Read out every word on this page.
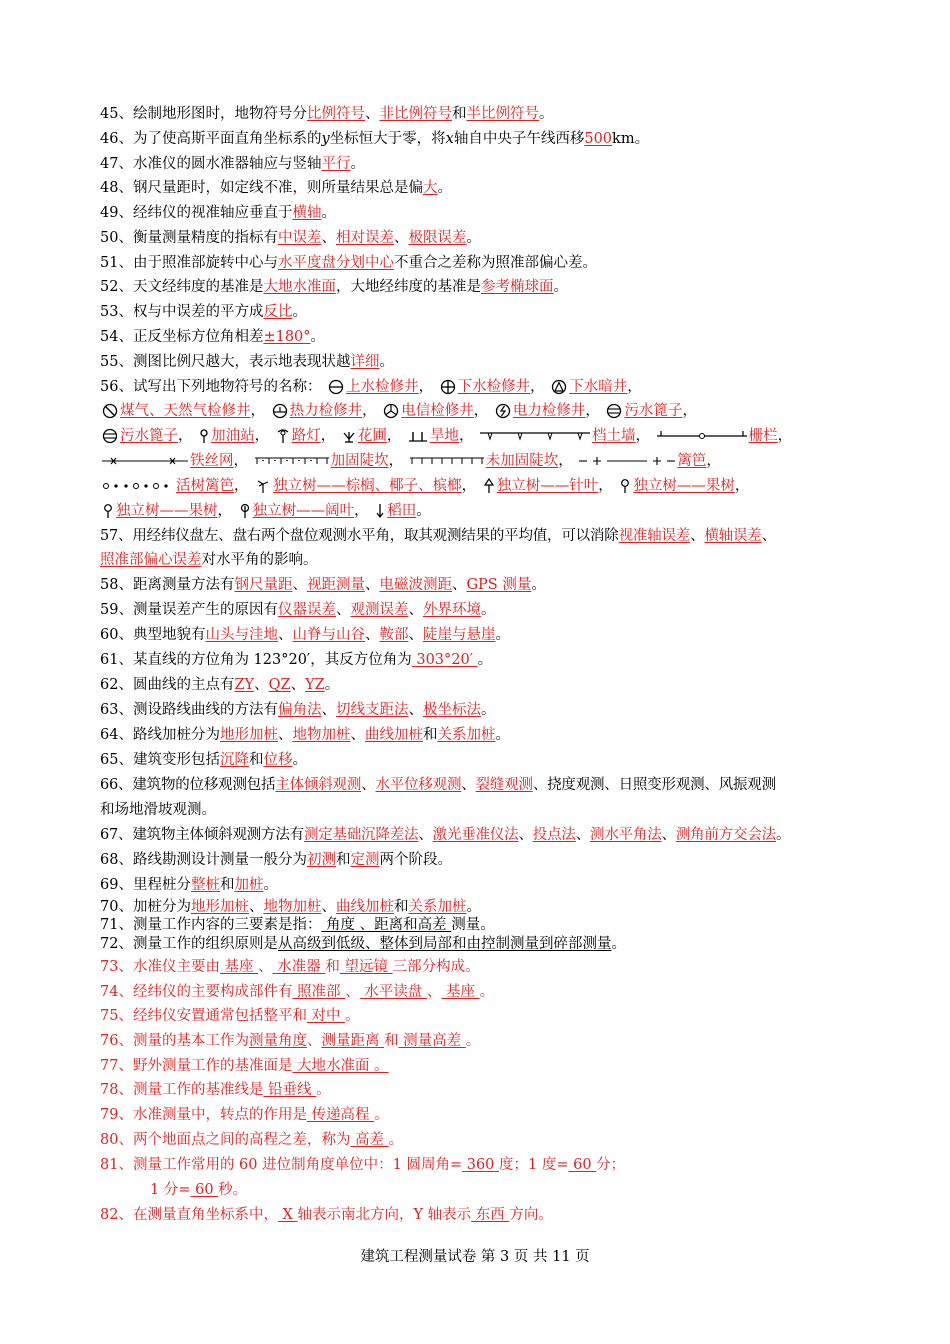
45、绘制地形图时，地物符号分比例符号、非比例符号和半比例符号。
46、为了使高斯平面直角坐标系的y坐标恒大于零，将x轴自中央子午线西移500km。
47、水准仪的圆水准器轴应与竖轴平行。
48、钢尺量距时，如定线不准，则所量结果总是偏大。
49、经纬仪的视准轴应垂直于横轴。
50、衡量测量精度的指标有中误差、相对误差、极限误差。
51、由于照准部旋转中心与水平度盘分划中心不重合之差称为照准部偏心差。
52、天文经纬度的基准是大地水准面，大地经纬度的基准是参考椭球面。
53、权与中误差的平方成反比。
54、正反坐标方位角相差±180°。
55、测图比例尺越大，表示地表现状越详细。
56、试写出下列地物符号的名称： 上水检修井， 下水检修井， 下水暗井，
煤气、天然气检修井， 热力检修井， 电信检修井， 电力检修井， 污水篦子，
污水篦子， 加油站， 路灯， 花圃， 旱地，	档土墙，	栅栏，
铁丝网，	加固陡坎，	未加固陡坎，	篱笆，
活树篱笆， 独立树——棕榈、椰子、槟榔， 独立树——针叶， 独立树——果树，
独立树——果树， 独立树——阔叶， 稻田。
57、用经纬仪盘左、盘右两个盘位观测水平角，取其观测结果的平均值，可以消除视准轴误差、横轴误差、
照准部偏心误差对水平角的影响。
58、距离测量方法有钢尺量距、视距测量、电磁波测距、GPS 测量。
59、测量误差产生的原因有仪器误差、观测误差、外界环境。
60、典型地貌有山头与洼地、山脊与山谷、鞍部、陡崖与悬崖。
61、某直线的方位角为 123°20′，其反方位角为 303°20′ 。
62、圆曲线的主点有ZY、QZ、YZ。
63、测设路线曲线的方法有偏角法、切线支距法、极坐标法。
64、路线加桩分为地形加桩、地物加桩、曲线加桩和关系加桩。
65、建筑变形包括沉降和位移。
66、建筑物的位移观测包括主体倾斜观测、水平位移观测、裂缝观测、挠度观测、日照变形观测、风振观测
和场地滑坡观测。
67、建筑物主体倾斜观测方法有测定基础沉降差法、激光垂准仪法、投点法、测水平角法、测角前方交会法。
68、路线勘测设计测量一般分为初测和定测两个阶段。
69、里程桩分整桩和加桩。
70、加桩分为地形加桩、地物加桩、曲线加桩和关系加桩。
71、测量工作内容的三要素是指： 角度 、距离和高差 测量。
72、测量工作的组织原则是从高级到低级、整体到局部和由控制测量到碎部测量。
73、水准仪主要由 基座 、 水准器 和 望远镜 三部分构成。
74、经纬仪的主要构成部件有 照准部 、 水平读盘 、 基座 。
75、经纬仪安置通常包括整平和 对中 。
76、测量的基本工作为测量角度、测量距离 和 测量高差 。
77、野外测量工作的基准面是 大地水准面 。
78、测量工作的基准线是 铅垂线 。
79、水准测量中，转点的作用是 传递高程 。
80、两个地面点之间的高程之差，称为 高差 。
81、测量工作常用的 60 进位制角度单位中：1 圆周角= 360 度；1 度= 60 分；
1 分= 60 秒。
82、在测量直角坐标系中， X 轴表示南北方向，Y 轴表示 东西 方向。
建筑工程测量试卷 第 3 页 共 11 页
